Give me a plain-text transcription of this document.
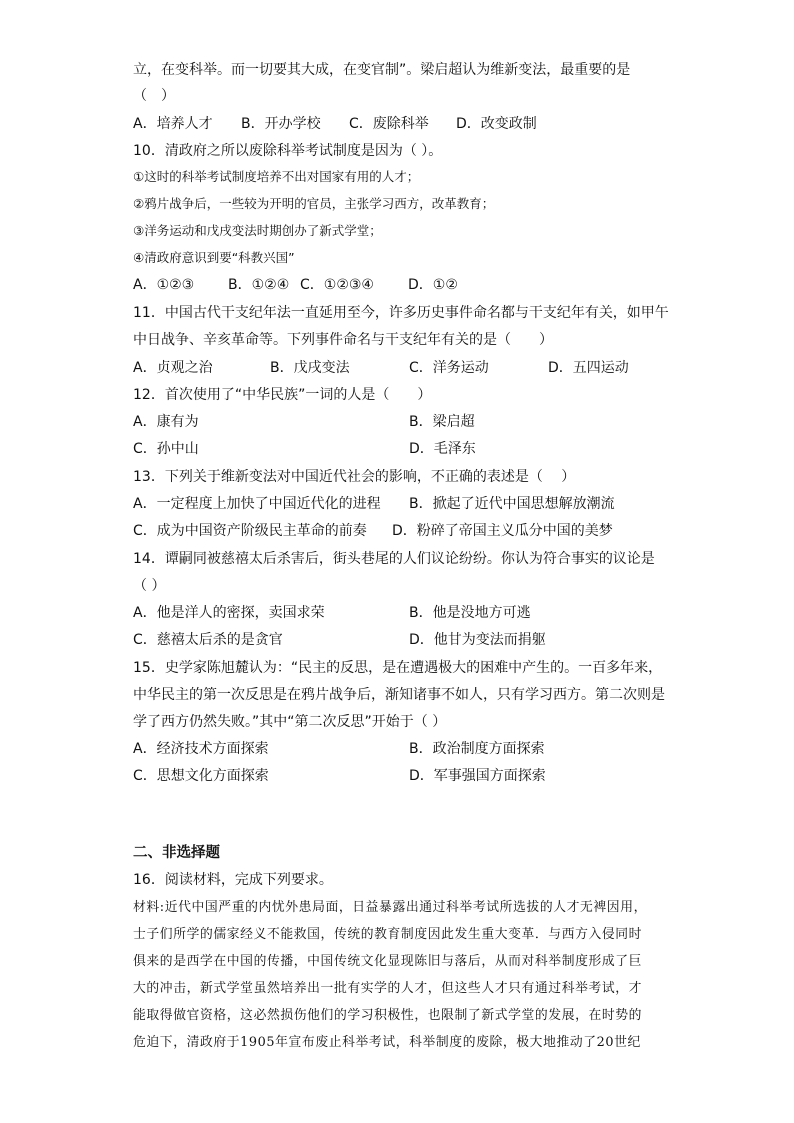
立，在变科举。而一切要其大成，在变官制”。梁启超认为维新变法，最重要的是
（　）
A．培养人才 B．开办学校 C．废除科举 D．改变政制
10．清政府之所以废除科举考试制度是因为（ ）。
①这时的科举考试制度培养不出对国家有用的人才；
②鸦片战争后，一些较为开明的官员，主张学习西方，改革教育；
③洋务运动和戊戌变法时期创办了新式学堂；
④清政府意识到要“科教兴国”
A．①②③ B．①②④ C．①②③④ D．①②
11．中国古代干支纪年法一直延用至今，许多历史事件命名都与干支纪年有关，如甲午
中日战争、辛亥革命等。下列事件命名与干支纪年有关的是（　　）
A．贞观之治	B．戊戌变法	C．洋务运动	D．五四运动
12．首次使用了“中华民族”一词的人是（　　）
A．康有为	B．梁启超
C．孙中山	D．毛泽东
13．下列关于维新变法对中国近代社会的影响，不正确的表述是（　 ）
A．一定程度上加快了中国近代化的进程 B．掀起了近代中国思想解放潮流
C．成为中国资产阶级民主革命的前奏 D．粉碎了帝国主义瓜分中国的美梦
14．谭嗣同被慈禧太后杀害后，街头巷尾的人们议论纷纷。你认为符合事实的议论是
（ ）
A．他是洋人的密探，卖国求荣	B．他是没地方可逃
C．慈禧太后杀的是贪官	D．他甘为变法而捐躯
15．史学家陈旭麓认为：“民主的反思，是在遭遇极大的困难中产生的。一百多年来，
中华民主的第一次反思是在鸦片战争后，渐知诸事不如人，只有学习西方。第二次则是
学了西方仍然失败。”其中“第二次反思”开始于（ ）
A．经济技术方面探索	B．政治制度方面探索
C．思想文化方面探索	D．军事强国方面探索
二、非选择题
16．阅读材料，完成下列要求。
材料:近代中国严重的内忧外患局面，日益暴露出通过科举考试所选拔的人才无裨因用，
士子们所学的儒家经义不能救国，传统的教育制度因此发生重大变革．与西方入侵同时
俱来的是西学在中国的传播，中国传统文化显现陈旧与落后，从而对科举制度形成了巨
大的冲击，新式学堂虽然培养出一批有实学的人才，但这些人才只有通过科举考试，才
能取得做官资格，这必然损伤他们的学习积极性，也限制了新式学堂的发展，在时势的
危迫下，清政府于1905年宣布废止科举考试，科举制度的废除，极大地推动了20世纪
